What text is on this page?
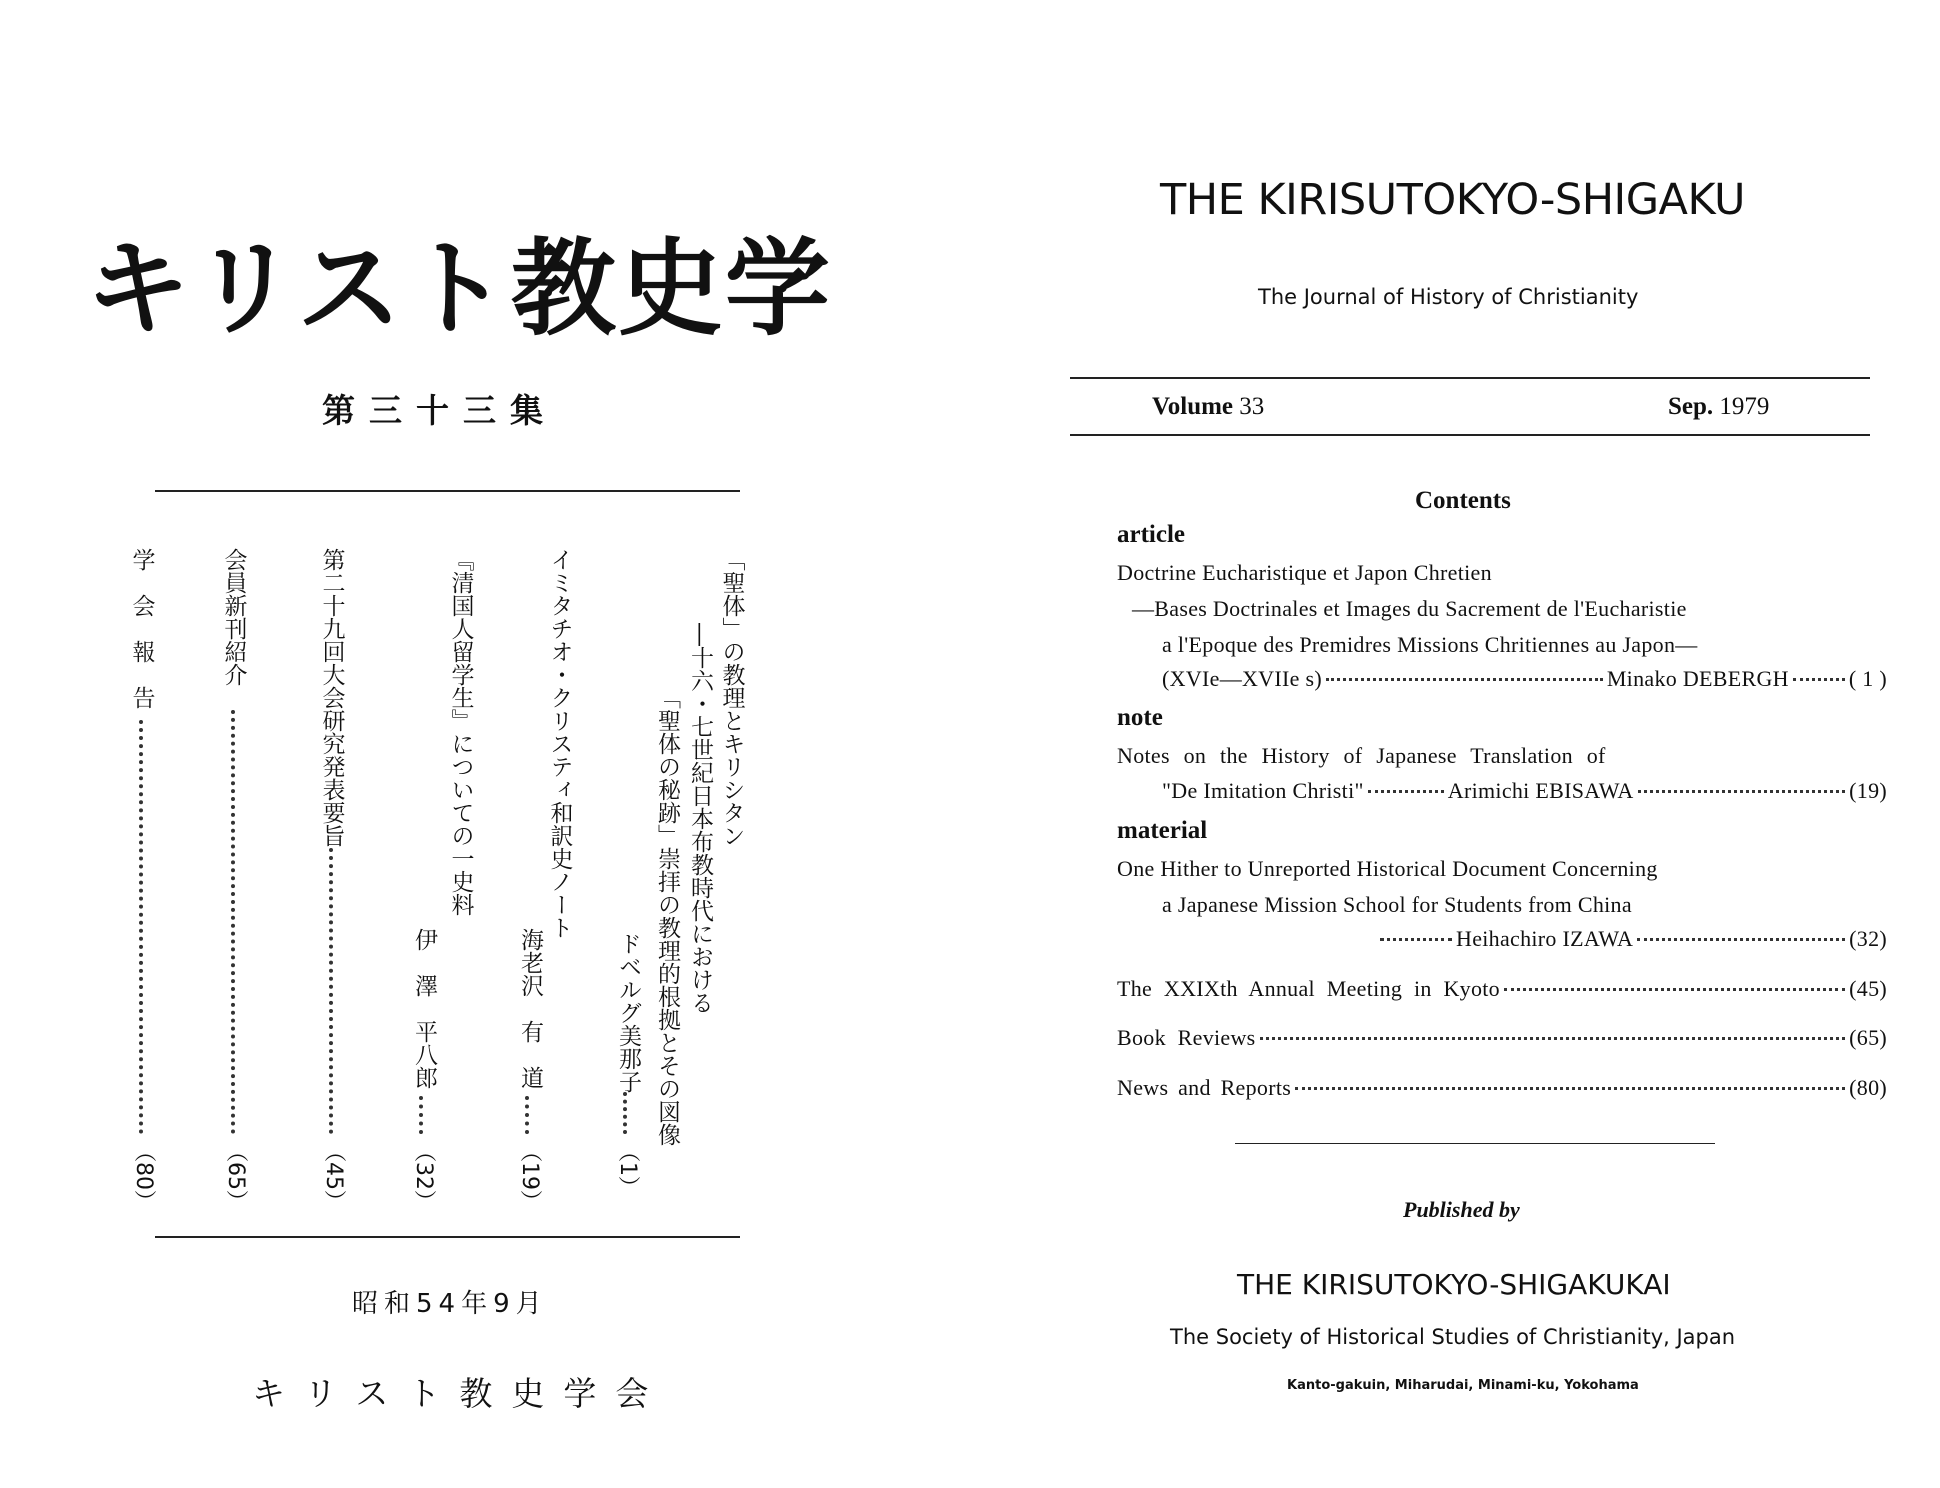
キリスト教史学
第三十三集
「聖体」の教理とキリシタン
―十六・七世紀日本布教時代における
「聖体の秘跡」崇拝の教理的根拠とその図像
ドベルグ美那子
（1）
イミタチオ・クリスティ和訳史ノート
海老沢　有　道
（19）
『清国人留学生』についての一史料
伊　澤　平八郎
（32）
第二十九回大会研究発表要旨
（45）
会員新刊紹介
（65）
学　会　報　告
（80）
昭和54年9月
キリスト教史学会
THE KIRISUTOKYO-SHIGAKU
The Journal of History of Christianity
Volume 33	Sep. 1979
Contents
article
Doctrine Eucharistique et Japon Chretien
―Bases Doctrinales et Images du Sacrement de l'Eucharistie
a l'Epoque des Premidres Missions Chritiennes au Japon―
(XVIe―XVIIe s)	Minako DEBERGH	( 1 )
note
Notes on the History of Japanese Translation of
"De Imitation Christi"	Arimichi EBISAWA	(19)
material
One Hither to Unreported Historical Document Concerning
a Japanese Mission School for Students from China
Heihachiro IZAWA	(32)
The XXIXth Annual Meeting in Kyoto	(45)
Book Reviews	(65)
News and Reports	(80)
Published by
THE KIRISUTOKYO-SHIGAKUKAI
The Society of Historical Studies of Christianity, Japan
Kanto-gakuin, Miharudai, Minami-ku, Yokohama
